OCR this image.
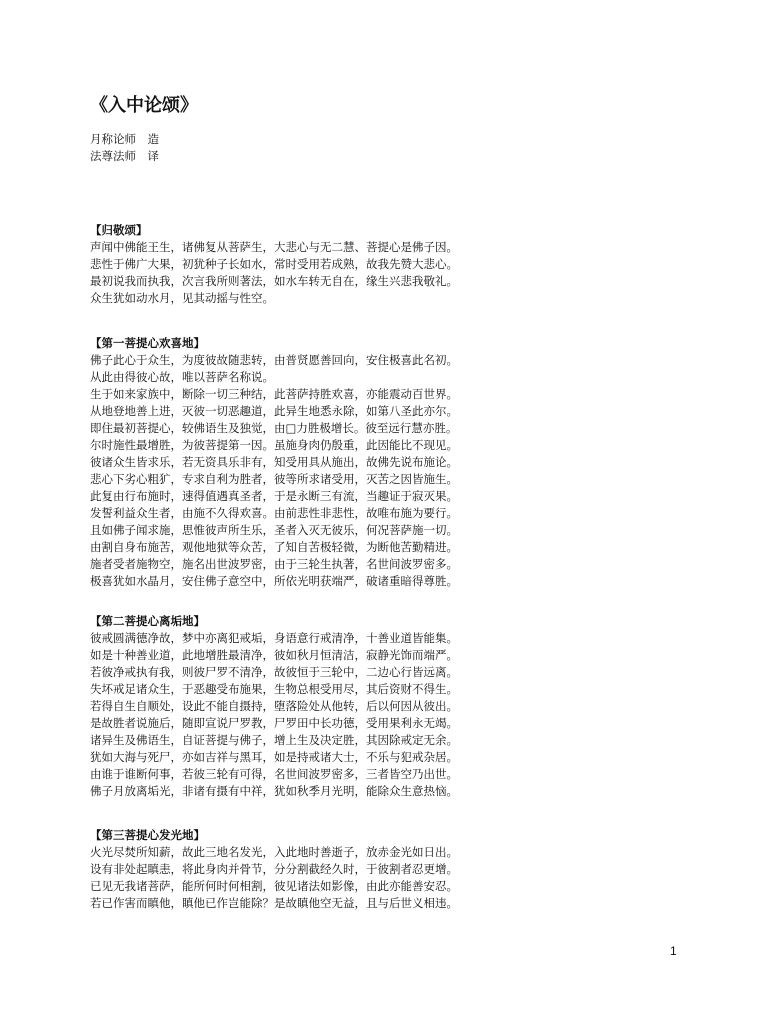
《入中论颂》
月称论师　造
法尊法师　译
【归敬颂】

声闻中佛能王生，诸佛复从菩萨生，大悲心与无二慧、菩提心是佛子因。

悲性于佛广大果，初犹种子长如水，常时受用若成熟，故我先赞大悲心。

最初说我而执我，次言我所则著法，如水车转无自在，缘生兴悲我敬礼。

众生犹如动水月，见其动摇与性空。

【第一菩提心欢喜地】

佛子此心于众生，为度彼故随悲转，由普贤愿善回向，安住极喜此名初。

从此由得彼心故，唯以菩萨名称说。

生于如来家族中，断除一切三种结，此菩萨持胜欢喜，亦能震动百世界。

从地登地善上进，灭彼一切恶趣道，此异生地悉永除，如第八圣此亦尔。

即住最初菩提心，较佛语生及独觉，由□力胜极增长。彼至远行慧亦胜。

尔时施性最增胜，为彼菩提第一因。虽施身肉仍殷重，此因能比不现见。

彼诸众生皆求乐，若无资具乐非有，知受用具从施出，故佛先说布施论。

悲心下劣心粗犷，专求自利为胜者，彼等所求诸受用，灭苦之因皆施生。

此复由行布施时，速得值遇真圣者，于是永断三有流，当趣证于寂灭果。

发誓利益众生者，由施不久得欢喜。由前悲性非悲性，故唯布施为要行。

且如佛子闻求施，思惟彼声所生乐，圣者入灭无彼乐，何况菩萨施一切。

由割自身布施苦，观他地狱等众苦，了知自苦极轻微，为断他苦勤精进。

施者受者施物空，施名出世波罗密，由于三轮生执著，名世间波罗密多。

极喜犹如水晶月，安住佛子意空中，所依光明获端严，破诸重暗得尊胜。

【第二菩提心离垢地】

彼戒圆满德净故，梦中亦离犯戒垢，身语意行戒清净，十善业道皆能集。

如是十种善业道，此地增胜最清净，彼如秋月恒清洁，寂静光饰而端严。

若彼净戒执有我，则彼尸罗不清净，故彼恒于三轮中，二边心行皆远离。

失坏戒足诸众生，于恶趣受布施果，生物总根受用尽，其后资财不得生。

若得自生自顺处，设此不能自摄持，堕落险处从他转，后以何因从彼出。

是故胜者说施后，随即宣说尸罗教，尸罗田中长功德，受用果利永无竭。

诸异生及佛语生，自证菩提与佛子，增上生及决定胜，其因除戒定无余。

犹如大海与死尸，亦如吉祥与黑耳，如是持戒诸大士，不乐与犯戒杂居。

由谁于谁断何事，若彼三轮有可得，名世间波罗密多，三者皆空乃出世。

佛子月放离垢光，非诸有摄有中祥，犹如秋季月光明，能除众生意热恼。

【第三菩提心发光地】

火光尽焚所知薪，故此三地名发光，入此地时善逝子，放赤金光如日出。

设有非处起瞋恚，将此身肉并骨节，分分割截经久时，于彼割者忍更增。

已见无我诸菩萨，能所何时何相割，彼见诸法如影像，由此亦能善安忍。

若已作害而瞋他，瞋他已作岂能除？是故瞋他空无益，且与后世义相违。

1
